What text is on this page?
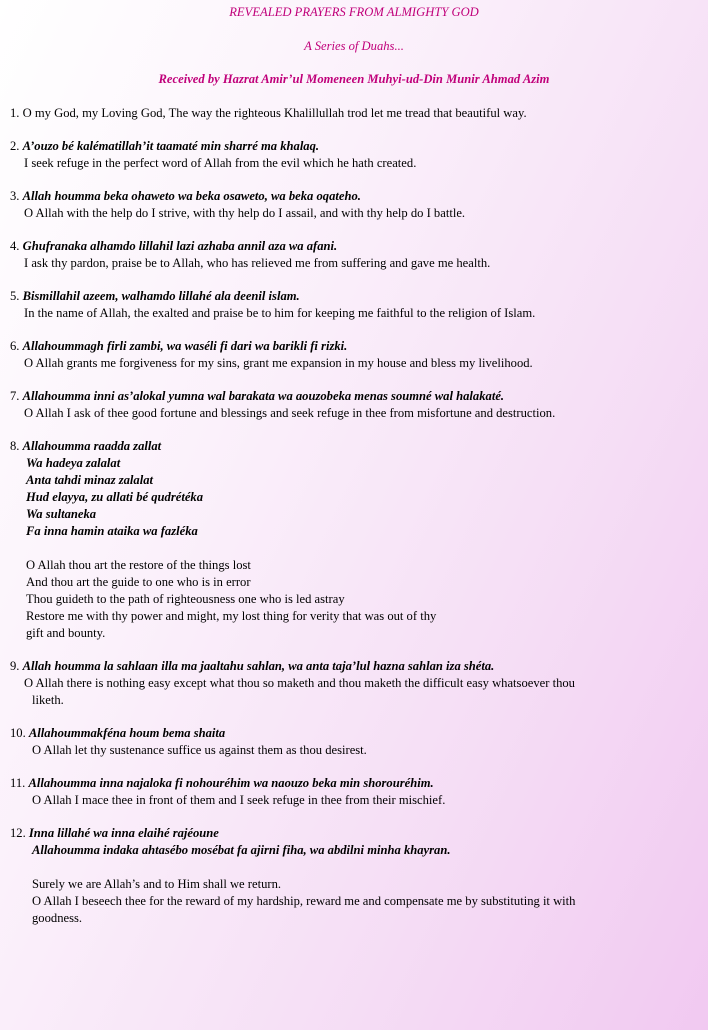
REVEALED PRAYERS FROM ALMIGHTY GOD

A Series of Duahs...

Received by Hazrat Amir’ul Momeneen Muhyi-ud-Din Munir Ahmad Azim

1. O my God, my Loving God, The way the righteous Khalillullah trod let me tread that beautiful way.

2. A’ouzo bé kalématillah’it taamaté min sharré ma khalaq.

I seek refuge in the perfect word of Allah from the evil which he hath created.

3. Allah houmma beka ohaweto wa beka osaweto, wa beka oqateho.

O Allah with the help do I strive, with thy help do I assail, and with thy help do I battle.

4. Ghufranaka alhamdo lillahil lazi azhaba annil aza wa afani.

I ask thy pardon, praise be to Allah, who has relieved me from suffering and gave me health.

5. Bismillahil azeem, walhamdo lillahé ala deenil islam.

In the name of Allah, the exalted and praise be to him for keeping me faithful to the religion of Islam.

6. Allahoummagh firli zambi, wa waséli fi dari wa barikli fi rizki.

O Allah grants me forgiveness for my sins, grant me expansion in my house and bless my livelihood.

7. Allahoumma inni as’alokal yumna wal barakata wa aouzobeka menas soumné wal halakaté.

O Allah I ask of thee good fortune and blessings and seek refuge in thee from misfortune and destruction.

8. Allahoumma raadda zallat

Wa hadeya zalalat

Anta tahdi minaz zalalat

Hud elayya, zu allati bé qudrétéka

Wa sultaneka

Fa inna hamin ataika wa fazléka

O Allah thou art the restore of the things lost

And thou art the guide to one who is in error

Thou guideth to the path of righteousness one who is led astray

Restore me with thy power and might, my lost thing for verity that was out of thy

gift and bounty.

9. Allah houmma la sahlaan illa ma jaaltahu sahlan, wa anta taja’lul hazna sahlan iza shéta.

O Allah there is nothing easy except what thou so maketh and thou maketh the difficult easy whatsoever thou

liketh.

10. Allahoummakféna houm bema shaita

O Allah let thy sustenance suffice us against them as thou desirest.

11. Allahoumma inna najaloka fi nohouréhim wa naouzo beka min shorouréhim.

O Allah I mace thee in front of them and I seek refuge in thee from their mischief.

12. Inna lillahé wa inna elaihé rajéoune

Allahoumma indaka ahtasébo mosébat fa ajirni fiha, wa abdilni minha khayran.

Surely we are Allah’s and to Him shall we return.

O Allah I beseech thee for the reward of my hardship, reward me and compensate me by substituting it with

goodness.
